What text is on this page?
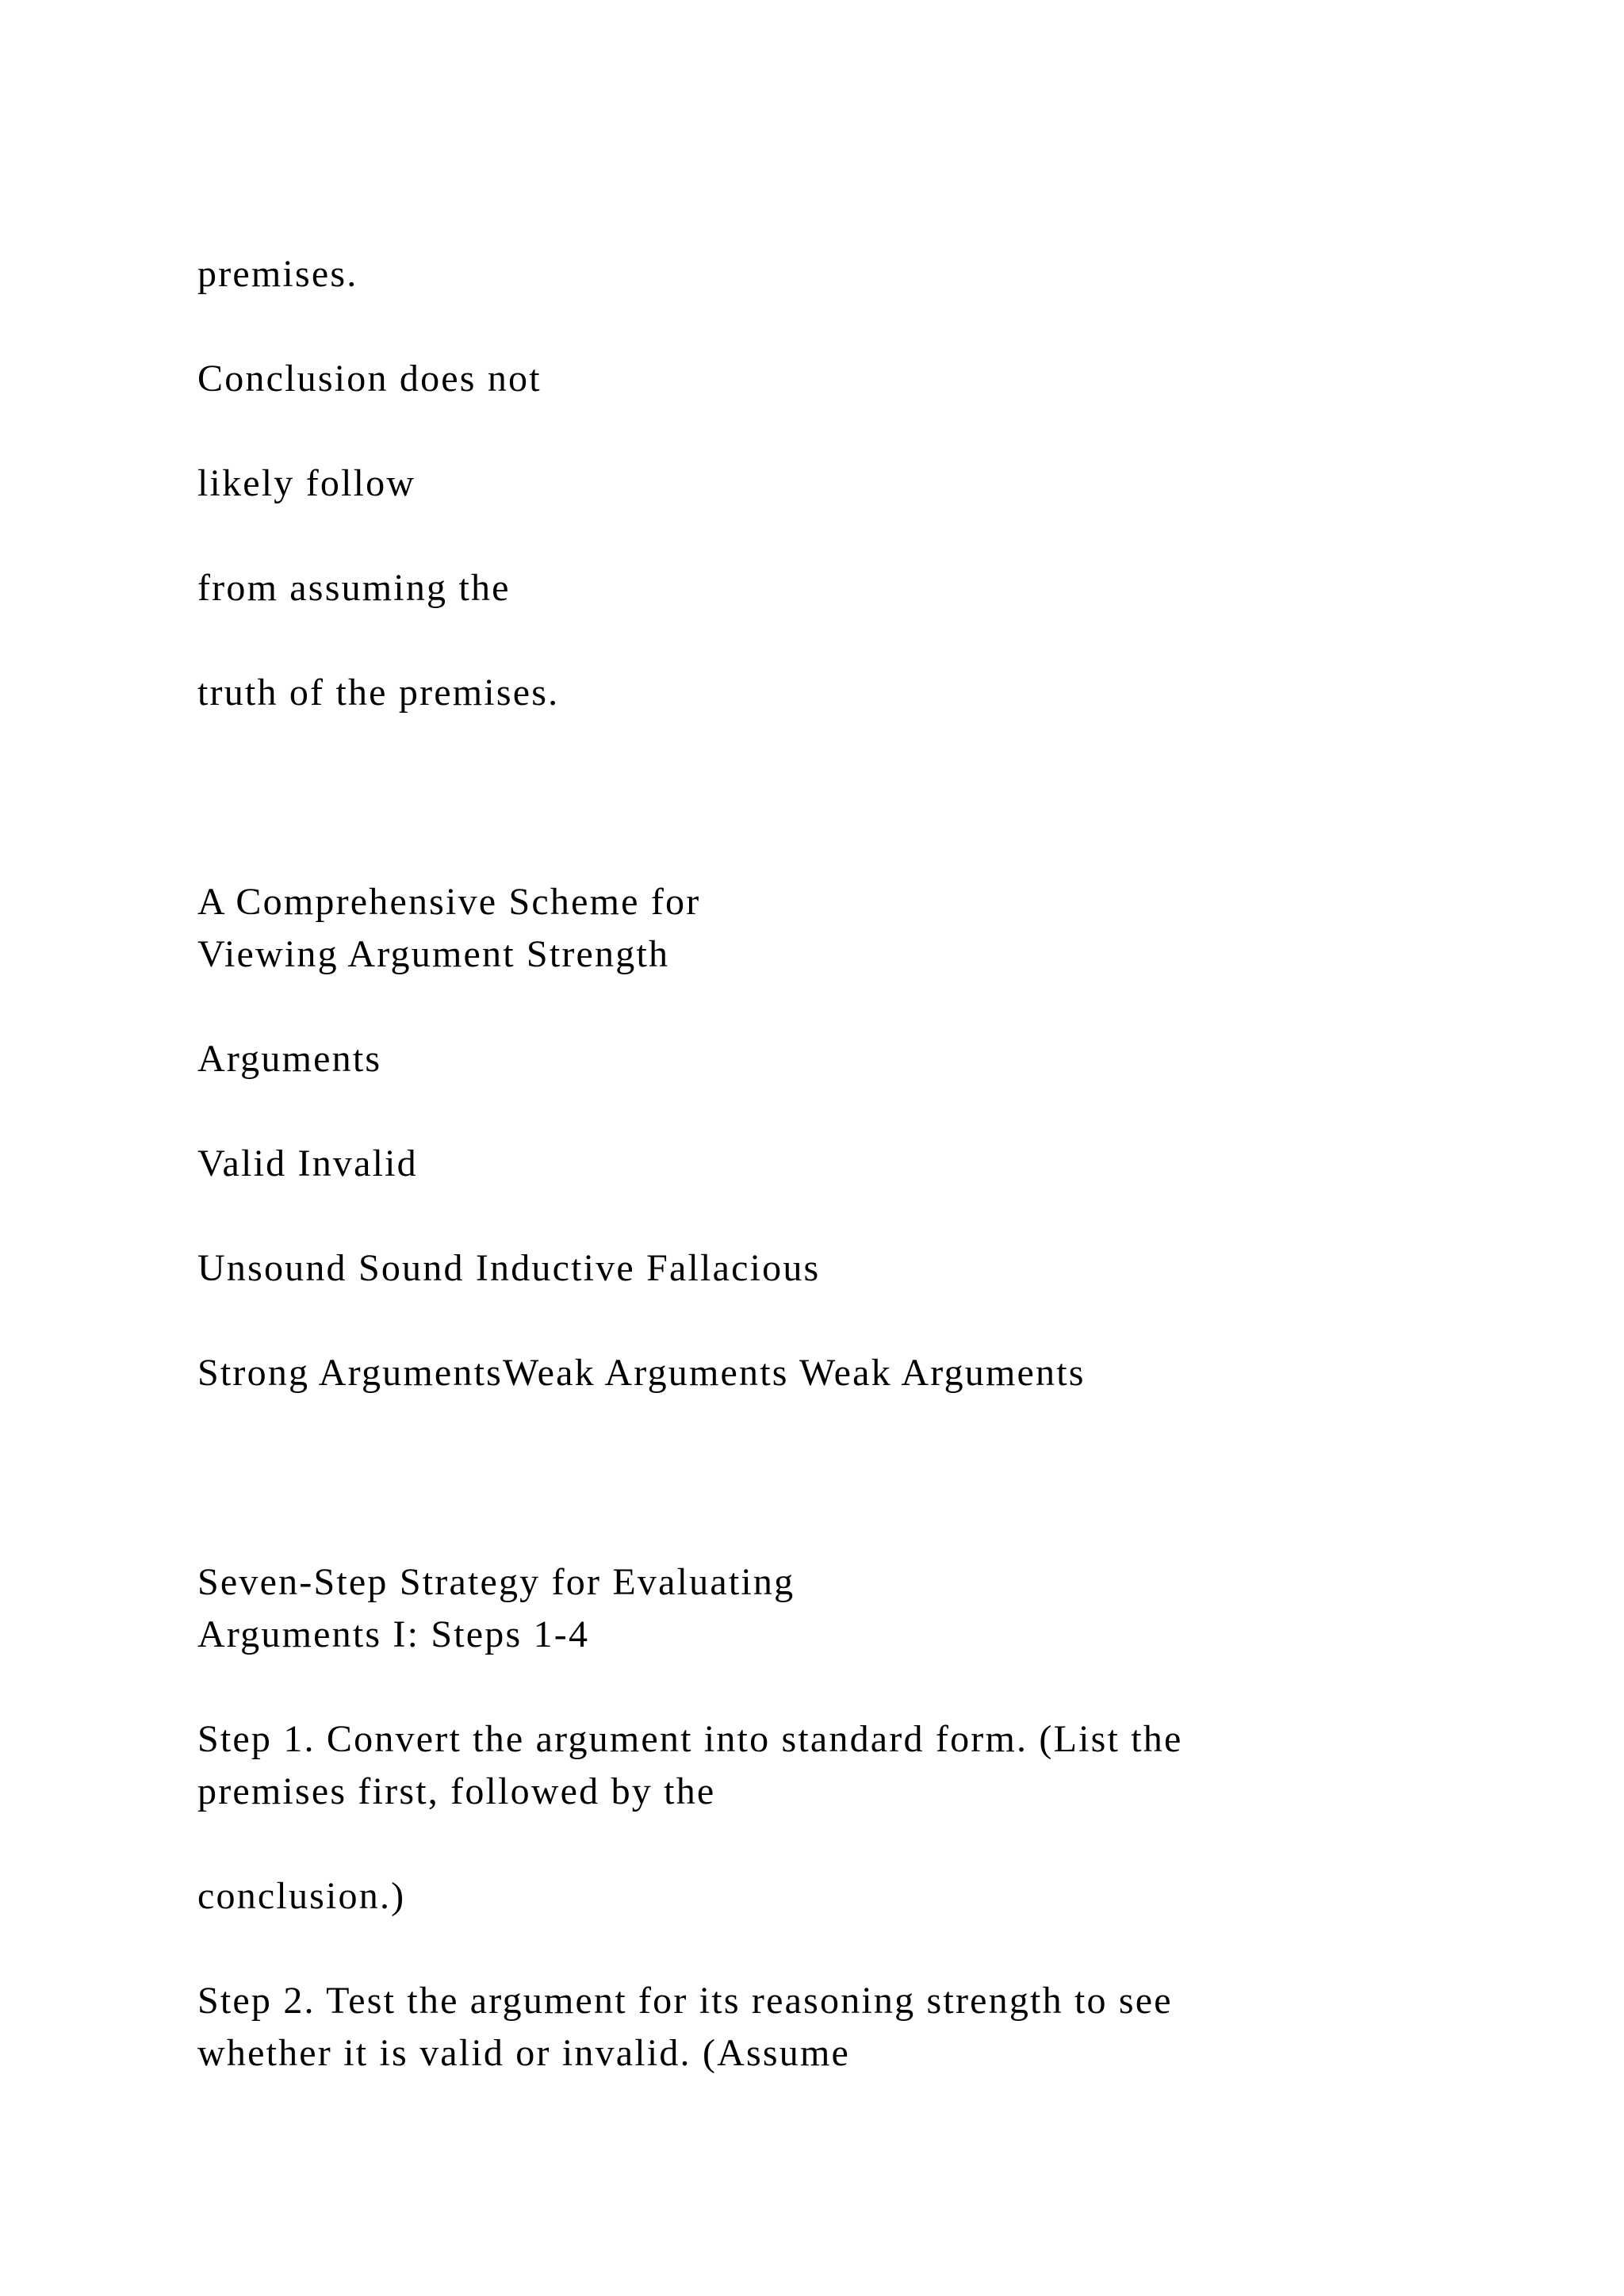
premises.

Conclusion does not

likely follow

from assuming the

truth of the premises.

A Comprehensive Scheme for

Viewing Argument Strength

Arguments

Valid Invalid

Unsound Sound Inductive Fallacious

Strong ArgumentsWeak Arguments Weak Arguments

Seven-Step Strategy for Evaluating

Arguments I: Steps 1-4

Step 1. Convert the argument into standard form. (List the

premises first, followed by the

conclusion.)

Step 2. Test the argument for its reasoning strength to see

whether it is valid or invalid. (Assume
